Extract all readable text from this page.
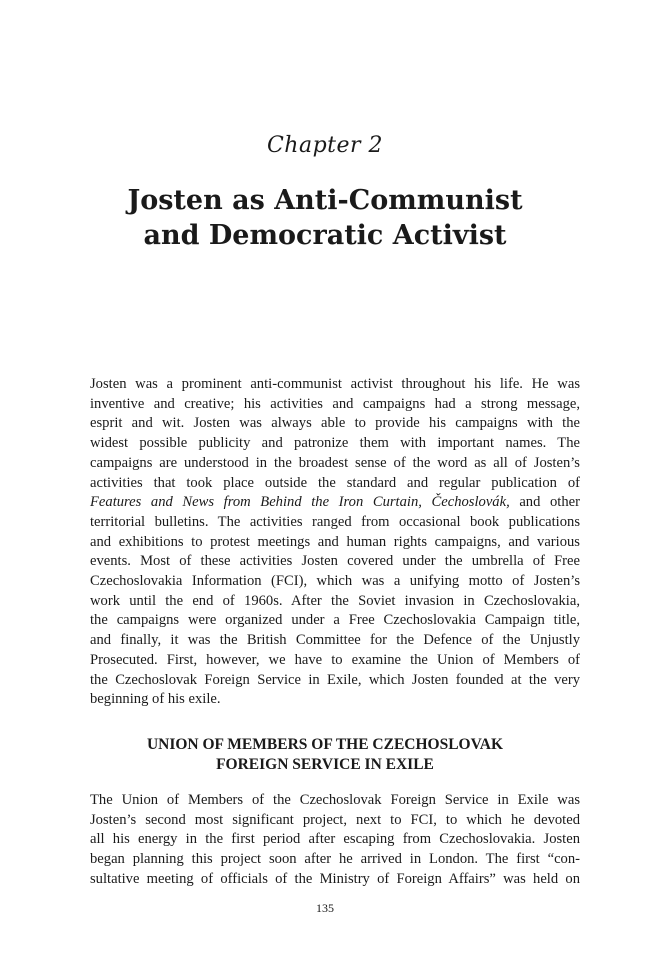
Chapter 2
Josten as Anti-Communist
and Democratic Activist
Josten was a prominent anti-communist activist throughout his life. He was
inventive and creative; his activities and campaigns had a strong message,
esprit and wit. Josten was always able to provide his campaigns with the
widest possible publicity and patronize them with important names. The
campaigns are understood in the broadest sense of the word as all of Josten’s
activities that took place outside the standard and regular publication of
Features and News from Behind the Iron Curtain, Čechoslovák, and other
territorial bulletins. The activities ranged from occasional book publications
and exhibitions to protest meetings and human rights campaigns, and various
events. Most of these activities Josten covered under the umbrella of Free
Czechoslovakia Information (FCI), which was a unifying motto of Josten’s
work until the end of 1960s. After the Soviet invasion in Czechoslovakia,
the campaigns were organized under a Free Czechoslovakia Campaign title,
and finally, it was the British Committee for the Defence of the Unjustly
Prosecuted. First, however, we have to examine the Union of Members of
the Czechoslovak Foreign Service in Exile, which Josten founded at the very
beginning of his exile.
UNION OF MEMBERS OF THE CZECHOSLOVAK
FOREIGN SERVICE IN EXILE
The Union of Members of the Czechoslovak Foreign Service in Exile was
Josten’s second most significant project, next to FCI, to which he devoted
all his energy in the first period after escaping from Czechoslovakia. Josten
began planning this project soon after he arrived in London. The first “con-
sultative meeting of officials of the Ministry of Foreign Affairs” was held on
135
